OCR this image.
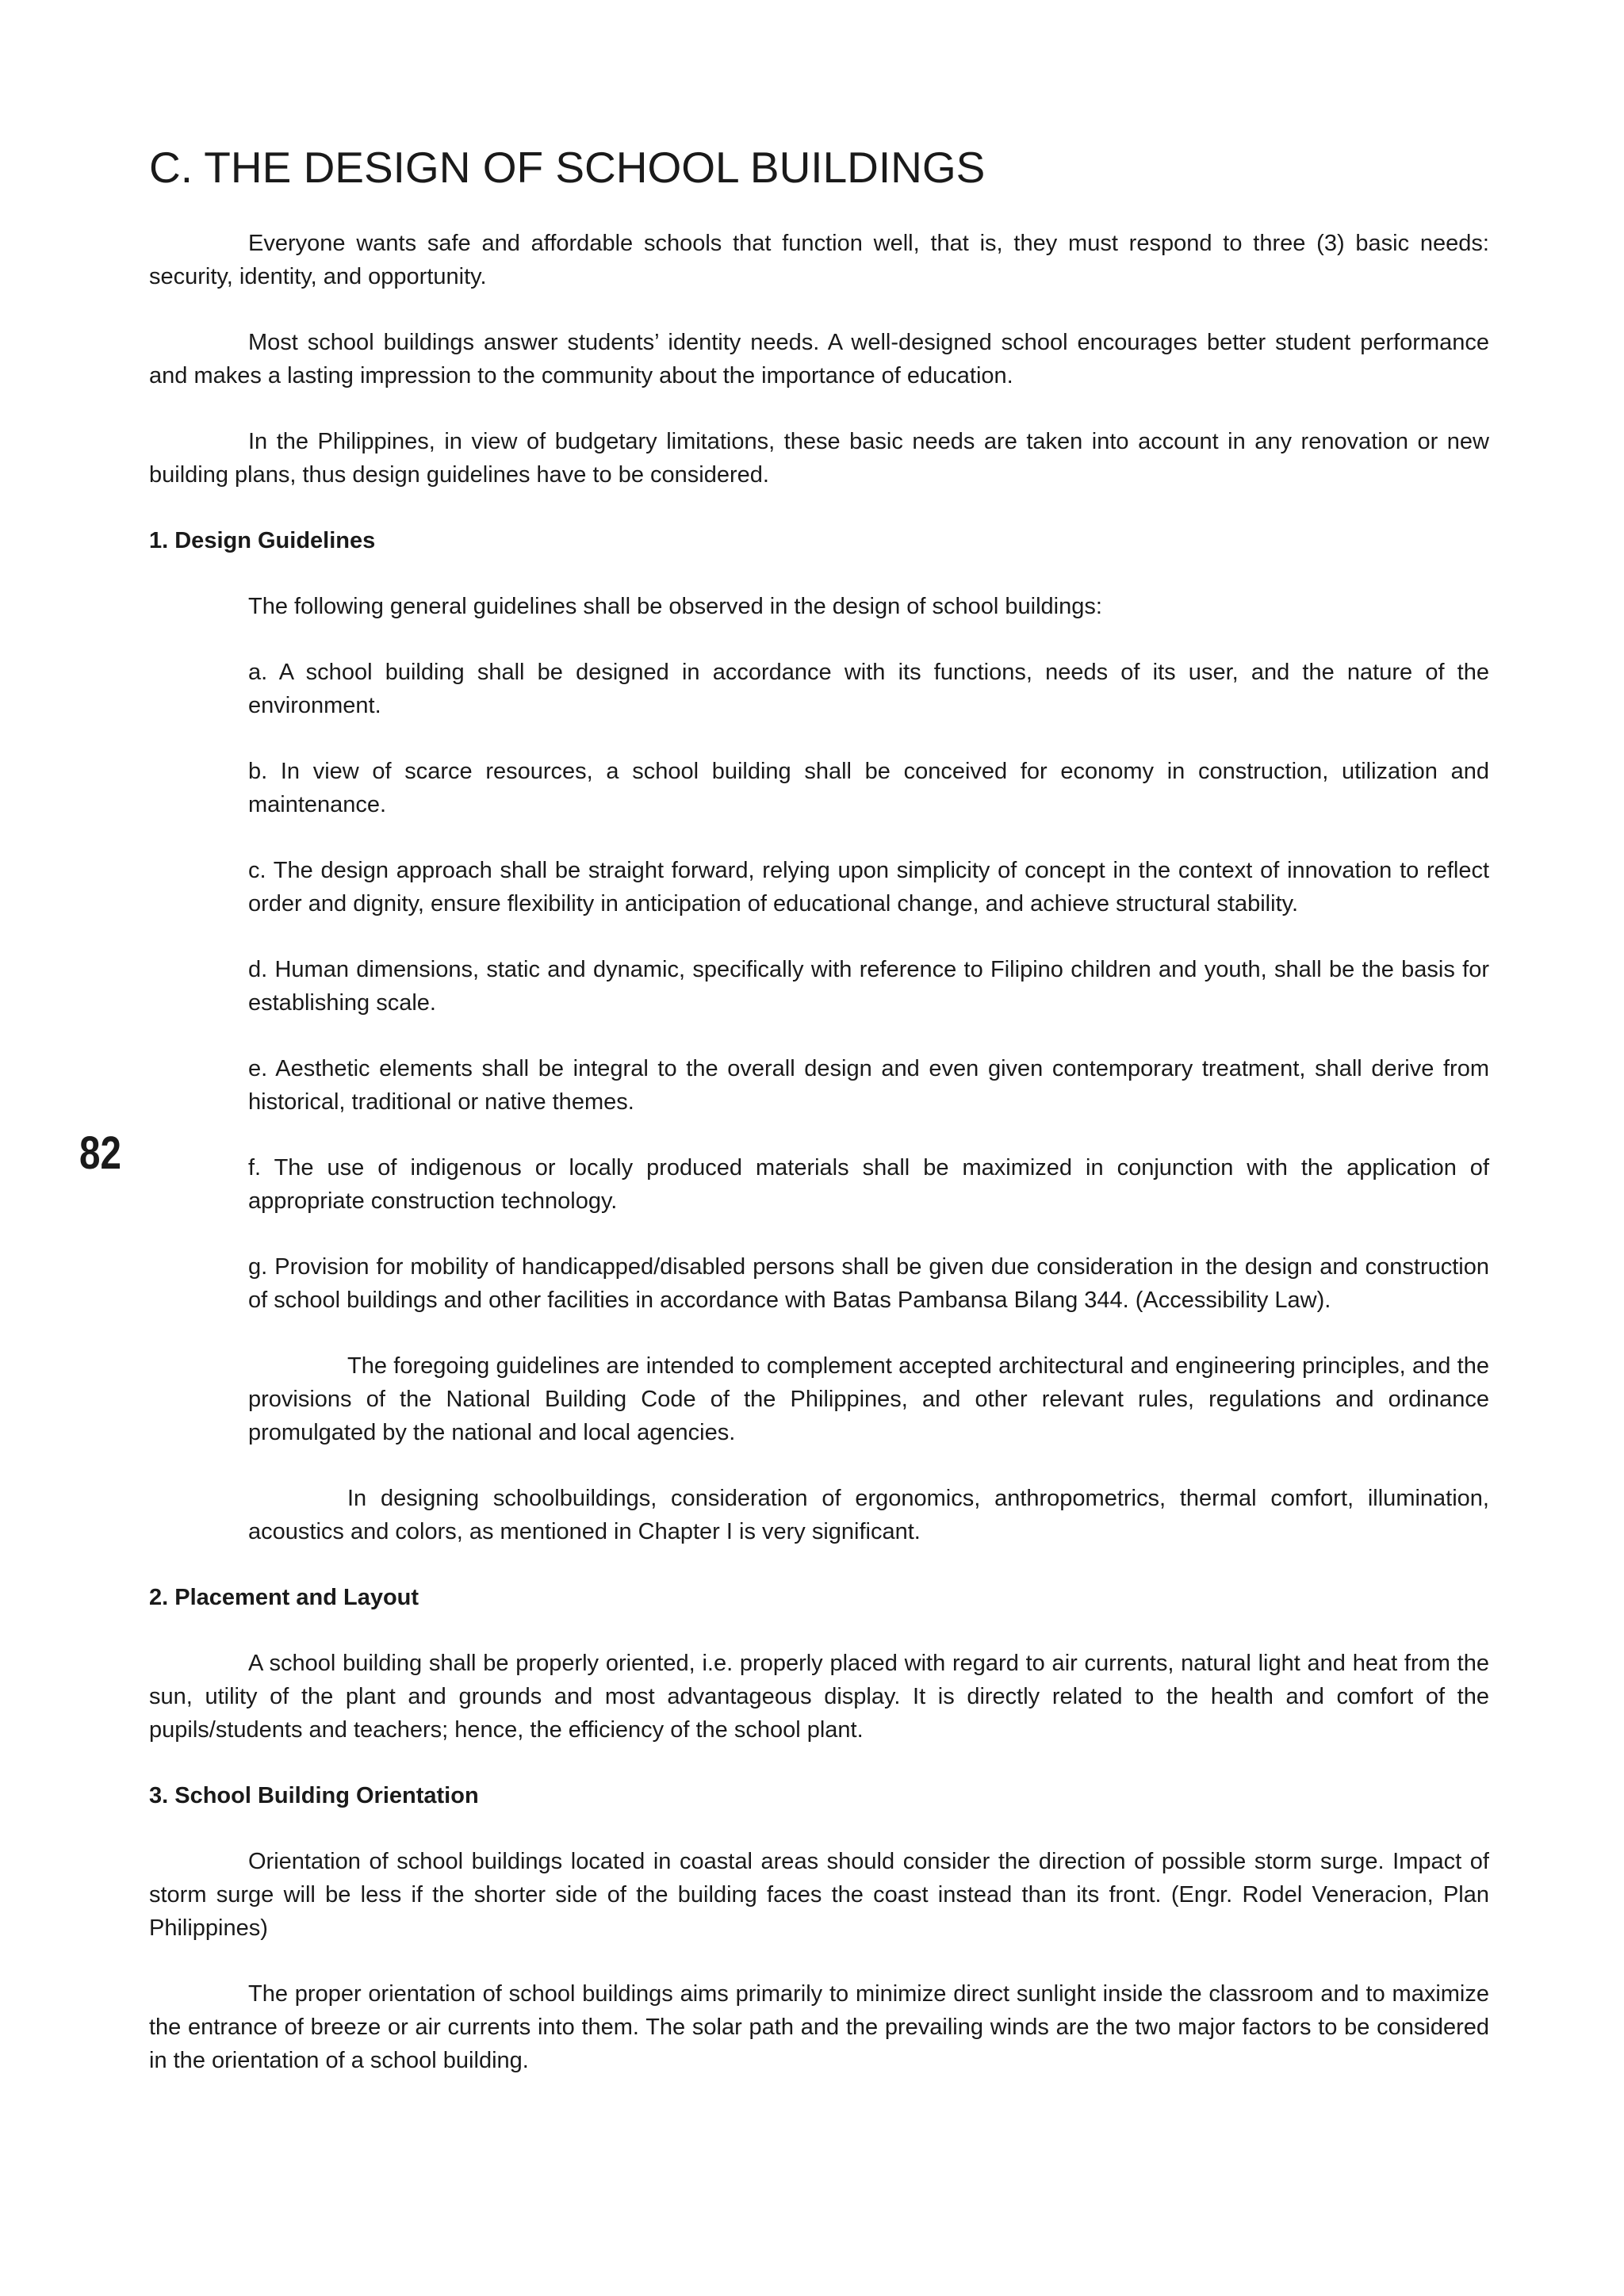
82
C. THE DESIGN OF SCHOOL BUILDINGS

Everyone wants safe and affordable schools that function well, that is, they must respond to three (3) basic needs: security, identity, and opportunity.

Most school buildings answer students’ identity needs. A well-designed school encourages better student performance and makes a lasting impression to the community about the importance of education.

In the Philippines, in view of budgetary limitations, these basic needs are taken into account in any renovation or new building plans, thus design guidelines have to be considered.

1. Design Guidelines

The following general guidelines shall be observed in the design of school buildings:

a. A school building shall be designed in accordance with its functions, needs of its user, and the nature of the environment.

b. In view of scarce resources, a school building shall be conceived for economy in construction, utilization and maintenance.

c. The design approach shall be straight forward, relying upon simplicity of concept in the context of innovation to reflect order and dignity, ensure flexibility in anticipation of educational change, and achieve structural stability.

d. Human dimensions, static and dynamic, specifically with reference to Filipino children and youth, shall be the basis for establishing scale.

e. Aesthetic elements shall be integral to the overall design and even given contemporary treatment, shall derive from historical, traditional or native themes.

f. The use of indigenous or locally produced materials shall be maximized in conjunction with the application of appropriate construction technology.

g. Provision for mobility of handicapped/disabled persons shall be given due consideration in the design and construction of school buildings and other facilities in accordance with Batas Pambansa Bilang 344. (Accessibility Law).

The foregoing guidelines are intended to complement accepted architectural and engineering principles, and the provisions of the National Building Code of the Philippines, and other relevant rules, regulations and ordinance promulgated by the national and local agencies.

In designing schoolbuildings, consideration of ergonomics, anthropometrics, thermal comfort, illumination, acoustics and colors, as mentioned in Chapter I is very significant.

2. Placement and Layout

A school building shall be properly oriented, i.e. properly placed with regard to air currents, natural light and heat from the sun, utility of the plant and grounds and most advantageous display. It is directly related to the health and comfort of the pupils/students and teachers; hence, the efficiency of the school plant.

3. School Building Orientation

Orientation of school buildings located in coastal areas should consider the direction of possible storm surge. Impact of storm surge will be less if the shorter side of the building faces the coast instead than its front. (Engr. Rodel Veneracion, Plan Philippines)

The proper orientation of school buildings aims primarily to minimize direct sunlight inside the classroom and to maximize the entrance of breeze or air currents into them. The solar path and the prevailing winds are the two major factors to be considered in the orientation of a school building.
